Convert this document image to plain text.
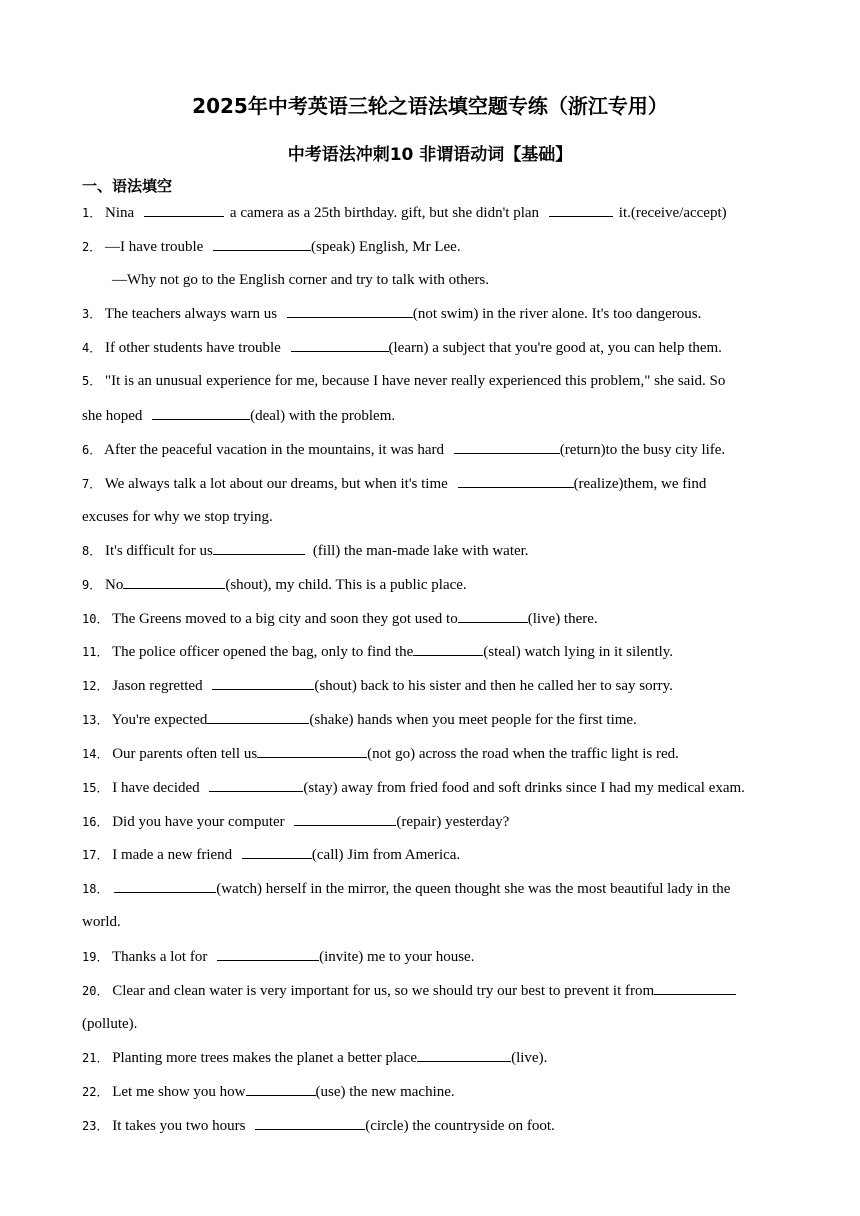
2025年中考英语三轮之语法填空题专练（浙江专用）
中考语法冲刺10 非谓语动词【基础】
一、语法填空
1． Nina	a camera as a 25th birthday. gift, but she didn't plan	it.(receive/accept)
2． —I have trouble	(speak) English, Mr Lee.
—Why not go to the English corner and try to talk with others.
3． The teachers always warn us	(not swim) in the river alone. It's too dangerous.
4． If other students have trouble	(learn) a subject that you're good at, you can help them.
5． "It is an unusual experience for me, because I have never really experienced this problem," she said. So
she hoped	(deal) with the problem.
6． After the peaceful vacation in the mountains, it was hard	(return)to the busy city life.
7． We always talk a lot about our dreams, but when it's time	(realize)them, we find
excuses for why we stop trying.
8． It's difficult for us	(fill) the man-made lake with water.
9． No	(shout), my child. This is a public place.
10． The Greens moved to a big city and soon they got used to	(live) there.
11． The police officer opened the bag, only to find the	(steal) watch lying in it silently.
12． Jason regretted	(shout) back to his sister and then he called her to say sorry.
13． You're expected	(shake) hands when you meet people for the first time.
14． Our parents often tell us	(not go) across the road when the traffic light is red.
15． I have decided	(stay) away from fried food and soft drinks since I had my medical exam.
16． Did you have your computer	(repair) yesterday?
17． I made a new friend	(call) Jim from America.
18．	(watch) herself in the mirror, the queen thought she was the most beautiful lady in the
world.
19． Thanks a lot for	(invite) me to your house.
20． Clear and clean water is very important for us, so we should try our best to prevent it from
(pollute).
21． Planting more trees makes the planet a better place	(live).
22． Let me show you how	(use) the new machine.
23． It takes you two hours	(circle) the countryside on foot.
